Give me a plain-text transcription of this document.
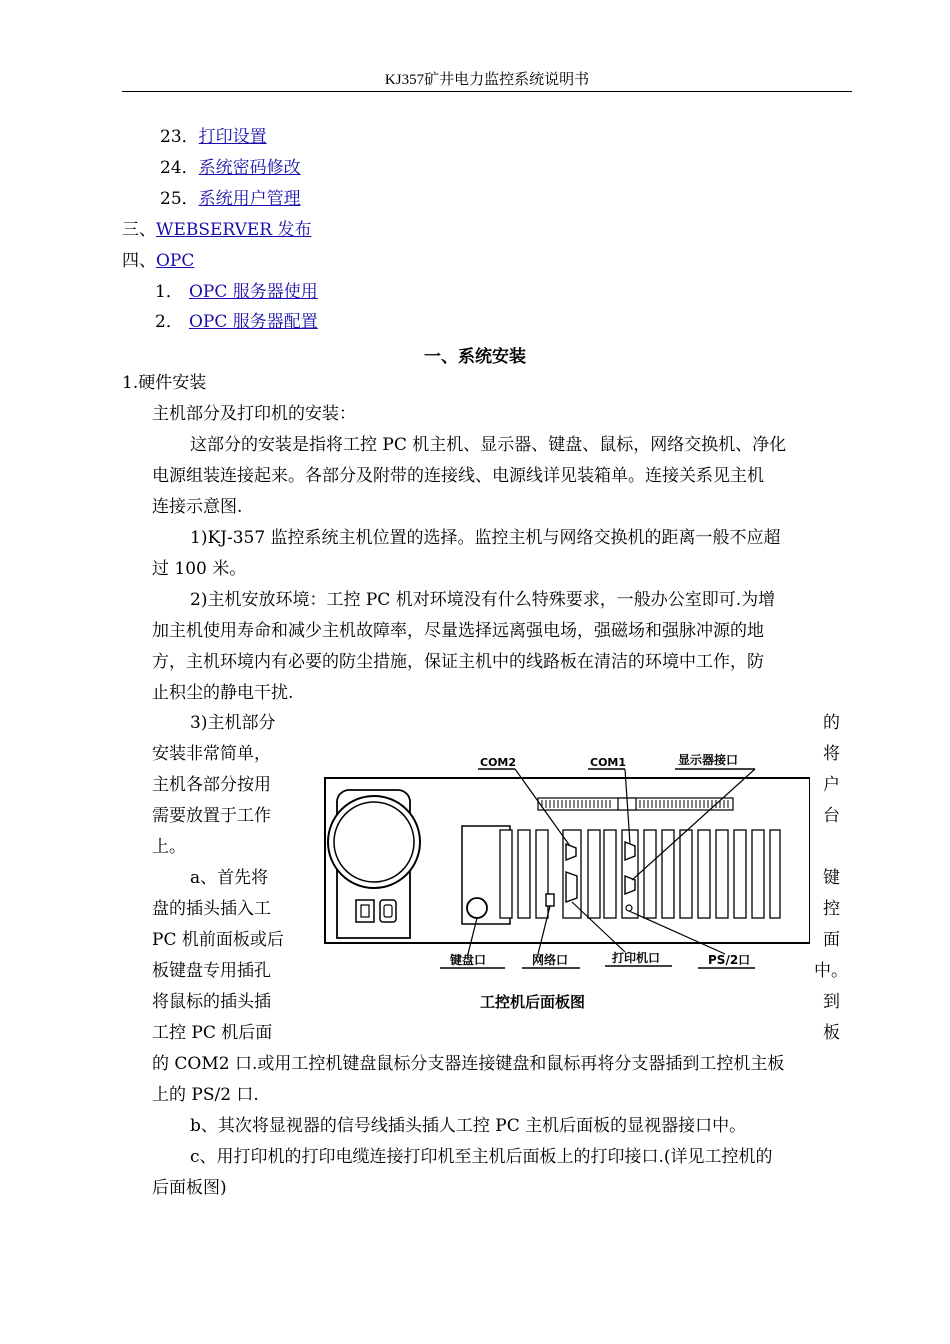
KJ357矿井电力监控系统说明书
23．打印设置
24．系统密码修改
25．系统用户管理
三、WEBSERVER 发布
四、OPC
1． OPC 服务器使用
2． OPC 服务器配置
一、系统安装
1.硬件安装
主机部分及打印机的安装：
这部分的安装是指将工控 PC 机主机、显示器、键盘、鼠标，网络交换机、净化
电源组装连接起来。各部分及附带的连接线、电源线详见装箱单。连接关系见主机
连接示意图.
1)KJ-357 监控系统主机位置的选择。监控主机与网络交换机的距离一般不应超
过 100 米。
2)主机安放环境：工控 PC 机对环境没有什么特殊要求，一般办公室即可.为增
加主机使用寿命和减少主机故障率，尽量选择远离强电场，强磁场和强脉冲源的地
方，主机环境内有必要的防尘措施，保证主机中的线路板在清洁的环境中工作，防
止积尘的静电干扰.
3)主机部分
安装非常简单，
主机各部分按用
需要放置于工作
上。
a、首先将
盘的插头插入工
PC 机前面板或后
板键盘专用插孔
将鼠标的插头插
工控 PC 机后面
的
将
户
台
键
控
面
中。
到
板
COM2	COM1	显示器接口
键盘口	网络口	打印机口	PS/2口
工控机后面板图
的 COM2 口.或用工控机键盘鼠标分支器连接键盘和鼠标再将分支器插到工控机主板
上的 PS/2 口.
b、其次将显视器的信号线插头插人工控 PC 主机后面板的显视器接口中。
c、用打印机的打印电缆连接打印机至主机后面板上的打印接口.(详见工控机的
后面板图)
